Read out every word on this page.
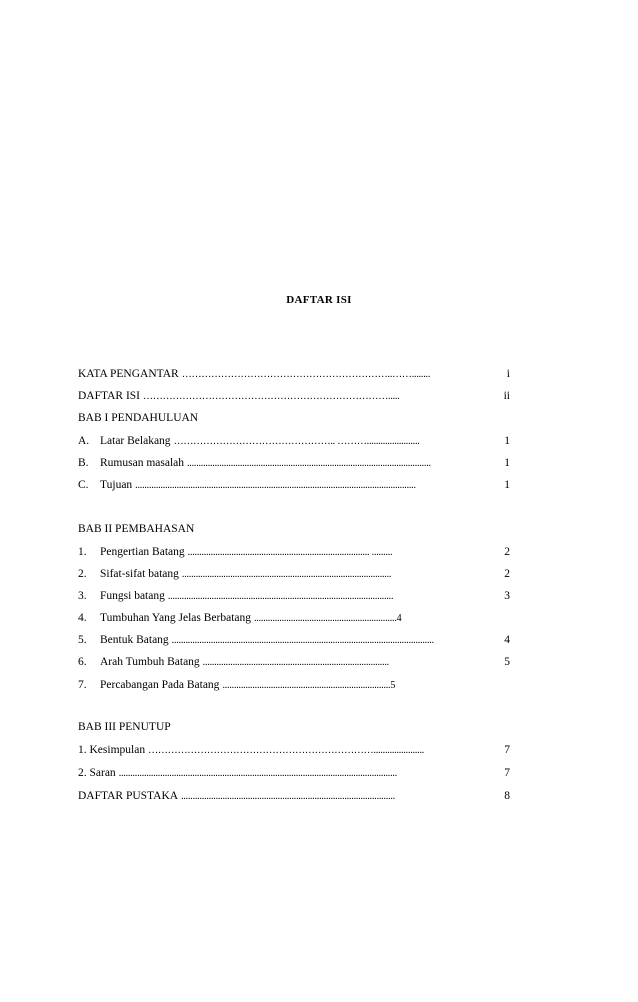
DAFTAR ISI
KATA PENGANTAR ………………………………………………………..……........	i
DAFTAR ISI ………………………………………………………………….....	ii
BAB I PENDAHULUAN
A. Latar Belakang ………………………………………….. ……….......................	1
B. Rumusan masalah ..........................................................................................................	1
C. Tujuan ..........................................................................................................................	1
BAB II PEMBAHASAN
1.	Pengertian Batang ............................................................................... .........	2
2.	Sifat-sifat batang ...........................................................................................	2
3.	Fungsi batang ..................................................................................................	3
4.	Tumbuhan Yang Jelas Berbatang ..............................................................4
5.	Bentuk Batang ..................................................................................................................	4
6.	Arah Tumbuh Batang .................................................................................	5
7.	Percabangan Pada Batang .........................................................................5
BAB III PENUTUP
1. Kesimpulan ……………………………………………………………......................	7
2. Saran .........................................................................................................................	7
DAFTAR PUSTAKA .............................................................................................	8
